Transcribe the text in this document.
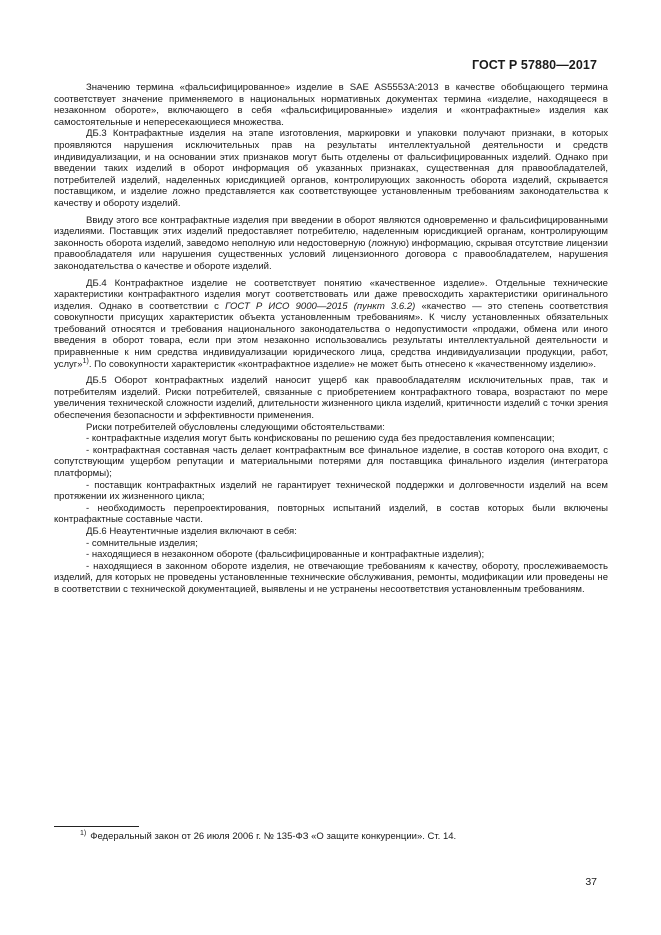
ГОСТ Р 57880—2017

Значению термина «фальсифицированное» изделие в SAE AS5553A:2013 в качестве обобщающего термина соответствует значение применяемого в национальных нормативных документах термина «изделие, находящееся в незаконном обороте», включающего в себя «фальсифицированные» изделия и «контрафактные» изделия как самостоятельные и непересекающиеся множества.

ДБ.3 Контрафактные изделия на этапе изготовления, маркировки и упаковки получают признаки, в которых проявляются нарушения исключительных прав на результаты интеллектуальной деятельности и средств индивидуализации, и на основании этих признаков могут быть отделены от фальсифицированных изделий. Однако при введении таких изделий в оборот информация об указанных признаках, существенная для правообладателей, потребителей изделий, наделенных юрисдикцией органов, контролирующих законность оборота изделий, скрывается поставщиком, и изделие ложно представляется как соответствующее установленным требованиям законодательства к качеству и обороту изделий.

Ввиду этого все контрафактные изделия при введении в оборот являются одновременно и фальсифицированными изделиями. Поставщик этих изделий предоставляет потребителю, наделенным юрисдикцией органам, контролирующим законность оборота изделий, заведомо неполную или недостоверную (ложную) информацию, скрывая отсутствие лицензии правообладателя или нарушения существенных условий лицензионного договора с правообладателем, нарушения законодательства о качестве и обороте изделий.

ДБ.4 Контрафактное изделие не соответствует понятию «качественное изделие». Отдельные технические характеристики контрафактного изделия могут соответствовать или даже превосходить характеристики оригинального изделия. Однако в соответствии с ГОСТ Р ИСО 9000—2015 (пункт 3.6.2) «качество — это степень соответствия совокупности присущих характеристик объекта установленным требованиям». К числу установленных обязательных требований относятся и требования национального законодательства о недопустимости «продажи, обмена или иного введения в оборот товара, если при этом незаконно использовались результаты интеллектуальной деятельности и приравненные к ним средства индивидуализации юридического лица, средства индивидуализации продукции, работ, услуг»$^{1)}$. По совокупности характеристик «контрафактное изделие» не может быть отнесено к «качественному изделию».

ДБ.5 Оборот контрафактных изделий наносит ущерб как правообладателям исключительных прав, так и потребителям изделий. Риски потребителей, связанные с приобретением контрафактного товара, возрастают по мере увеличения технической сложности изделий, длительности жизненного цикла изделий, критичности изделий с точки зрения обеспечения безопасности и эффективности применения.

Риски потребителей обусловлены следующими обстоятельствами:

- контрафактные изделия могут быть конфискованы по решению суда без предоставления компенсации;

- контрафактная составная часть делает контрафактным все финальное изделие, в состав которого она входит, с сопутствующим ущербом репутации и материальными потерями для поставщика финального изделия (интегратора платформы);

- поставщик контрафактных изделий не гарантирует технической поддержки и долговечности изделий на всем протяжении их жизненного цикла;

- необходимость перепроектирования, повторных испытаний изделий, в состав которых были включены контрафактные составные части.

ДБ.6 Неаутентичные изделия включают в себя:

- сомнительные изделия;

- находящиеся в незаконном обороте (фальсифицированные и контрафактные изделия);

- находящиеся в законном обороте изделия, не отвечающие требованиям к качеству, обороту, прослеживаемость изделий, для которых не проведены установленные технические обслуживания, ремонты, модификации или проведены не в соответствии с технической документацией, выявлены и не устранены несоответствия установленным требованиям.

$^{1)}$ Федеральный закон от 26 июля 2006 г. № 135-ФЗ «О защите конкуренции». Ст. 14.
37
